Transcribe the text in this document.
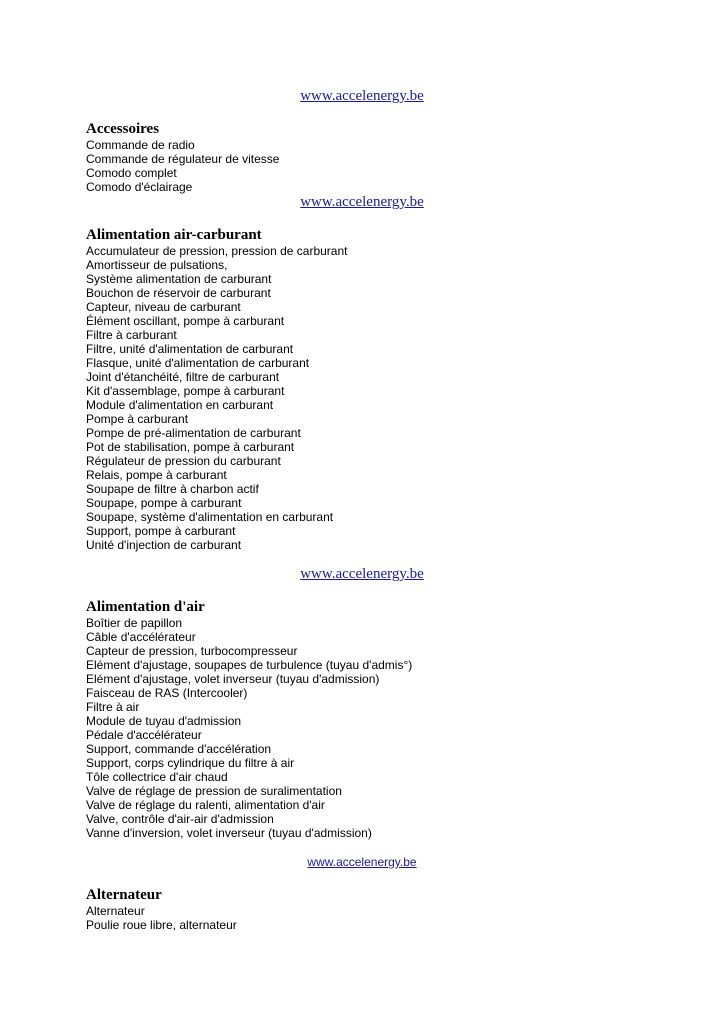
www.accelenergy.be
Accessoires
Commande de radio
Commande de régulateur de vitesse
Comodo complet
Comodo d'éclairage
www.accelenergy.be
Alimentation air-carburant
Accumulateur de pression, pression de carburant
Amortisseur de pulsations,
Système alimentation de carburant
Bouchon de réservoir de carburant
Capteur, niveau de carburant
Élément oscillant, pompe à carburant
Filtre à carburant
Filtre, unité d'alimentation de carburant
Flasque, unité d'alimentation de carburant
Joint d'étanchéité, filtre de carburant
Kit d'assemblage, pompe à carburant
Module d'alimentation en carburant
Pompe à carburant
Pompe de pré-alimentation de carburant
Pot de stabilisation, pompe à carburant
Régulateur de pression du carburant
Relais, pompe à carburant
Soupape de filtre à charbon actif
Soupape, pompe à carburant
Soupape, système d'alimentation en carburant
Support, pompe à carburant
Unité d'injection de carburant
www.accelenergy.be
Alimentation d'air
Boîtier de papillon
Câble d'accélérateur
Capteur de pression, turbocompresseur
Elément d'ajustage, soupapes de turbulence (tuyau d'admis°)
Elément d'ajustage, volet inverseur (tuyau d'admission)
Faisceau de RAS (Intercooler)
Filtre à air
Module de tuyau d'admission
Pédale d'accélérateur
Support, commande d'accélération
Support, corps cylindrique du filtre à air
Tôle collectrice d'air chaud
Valve de réglage de pression de suralimentation
Valve de réglage du ralenti, alimentation d'air
Valve, contrôle d'air-air d'admission
Vanne d'inversion, volet inverseur (tuyau d'admission)
www.accelenergy.be
Alternateur
Alternateur
Poulie roue libre, alternateur
